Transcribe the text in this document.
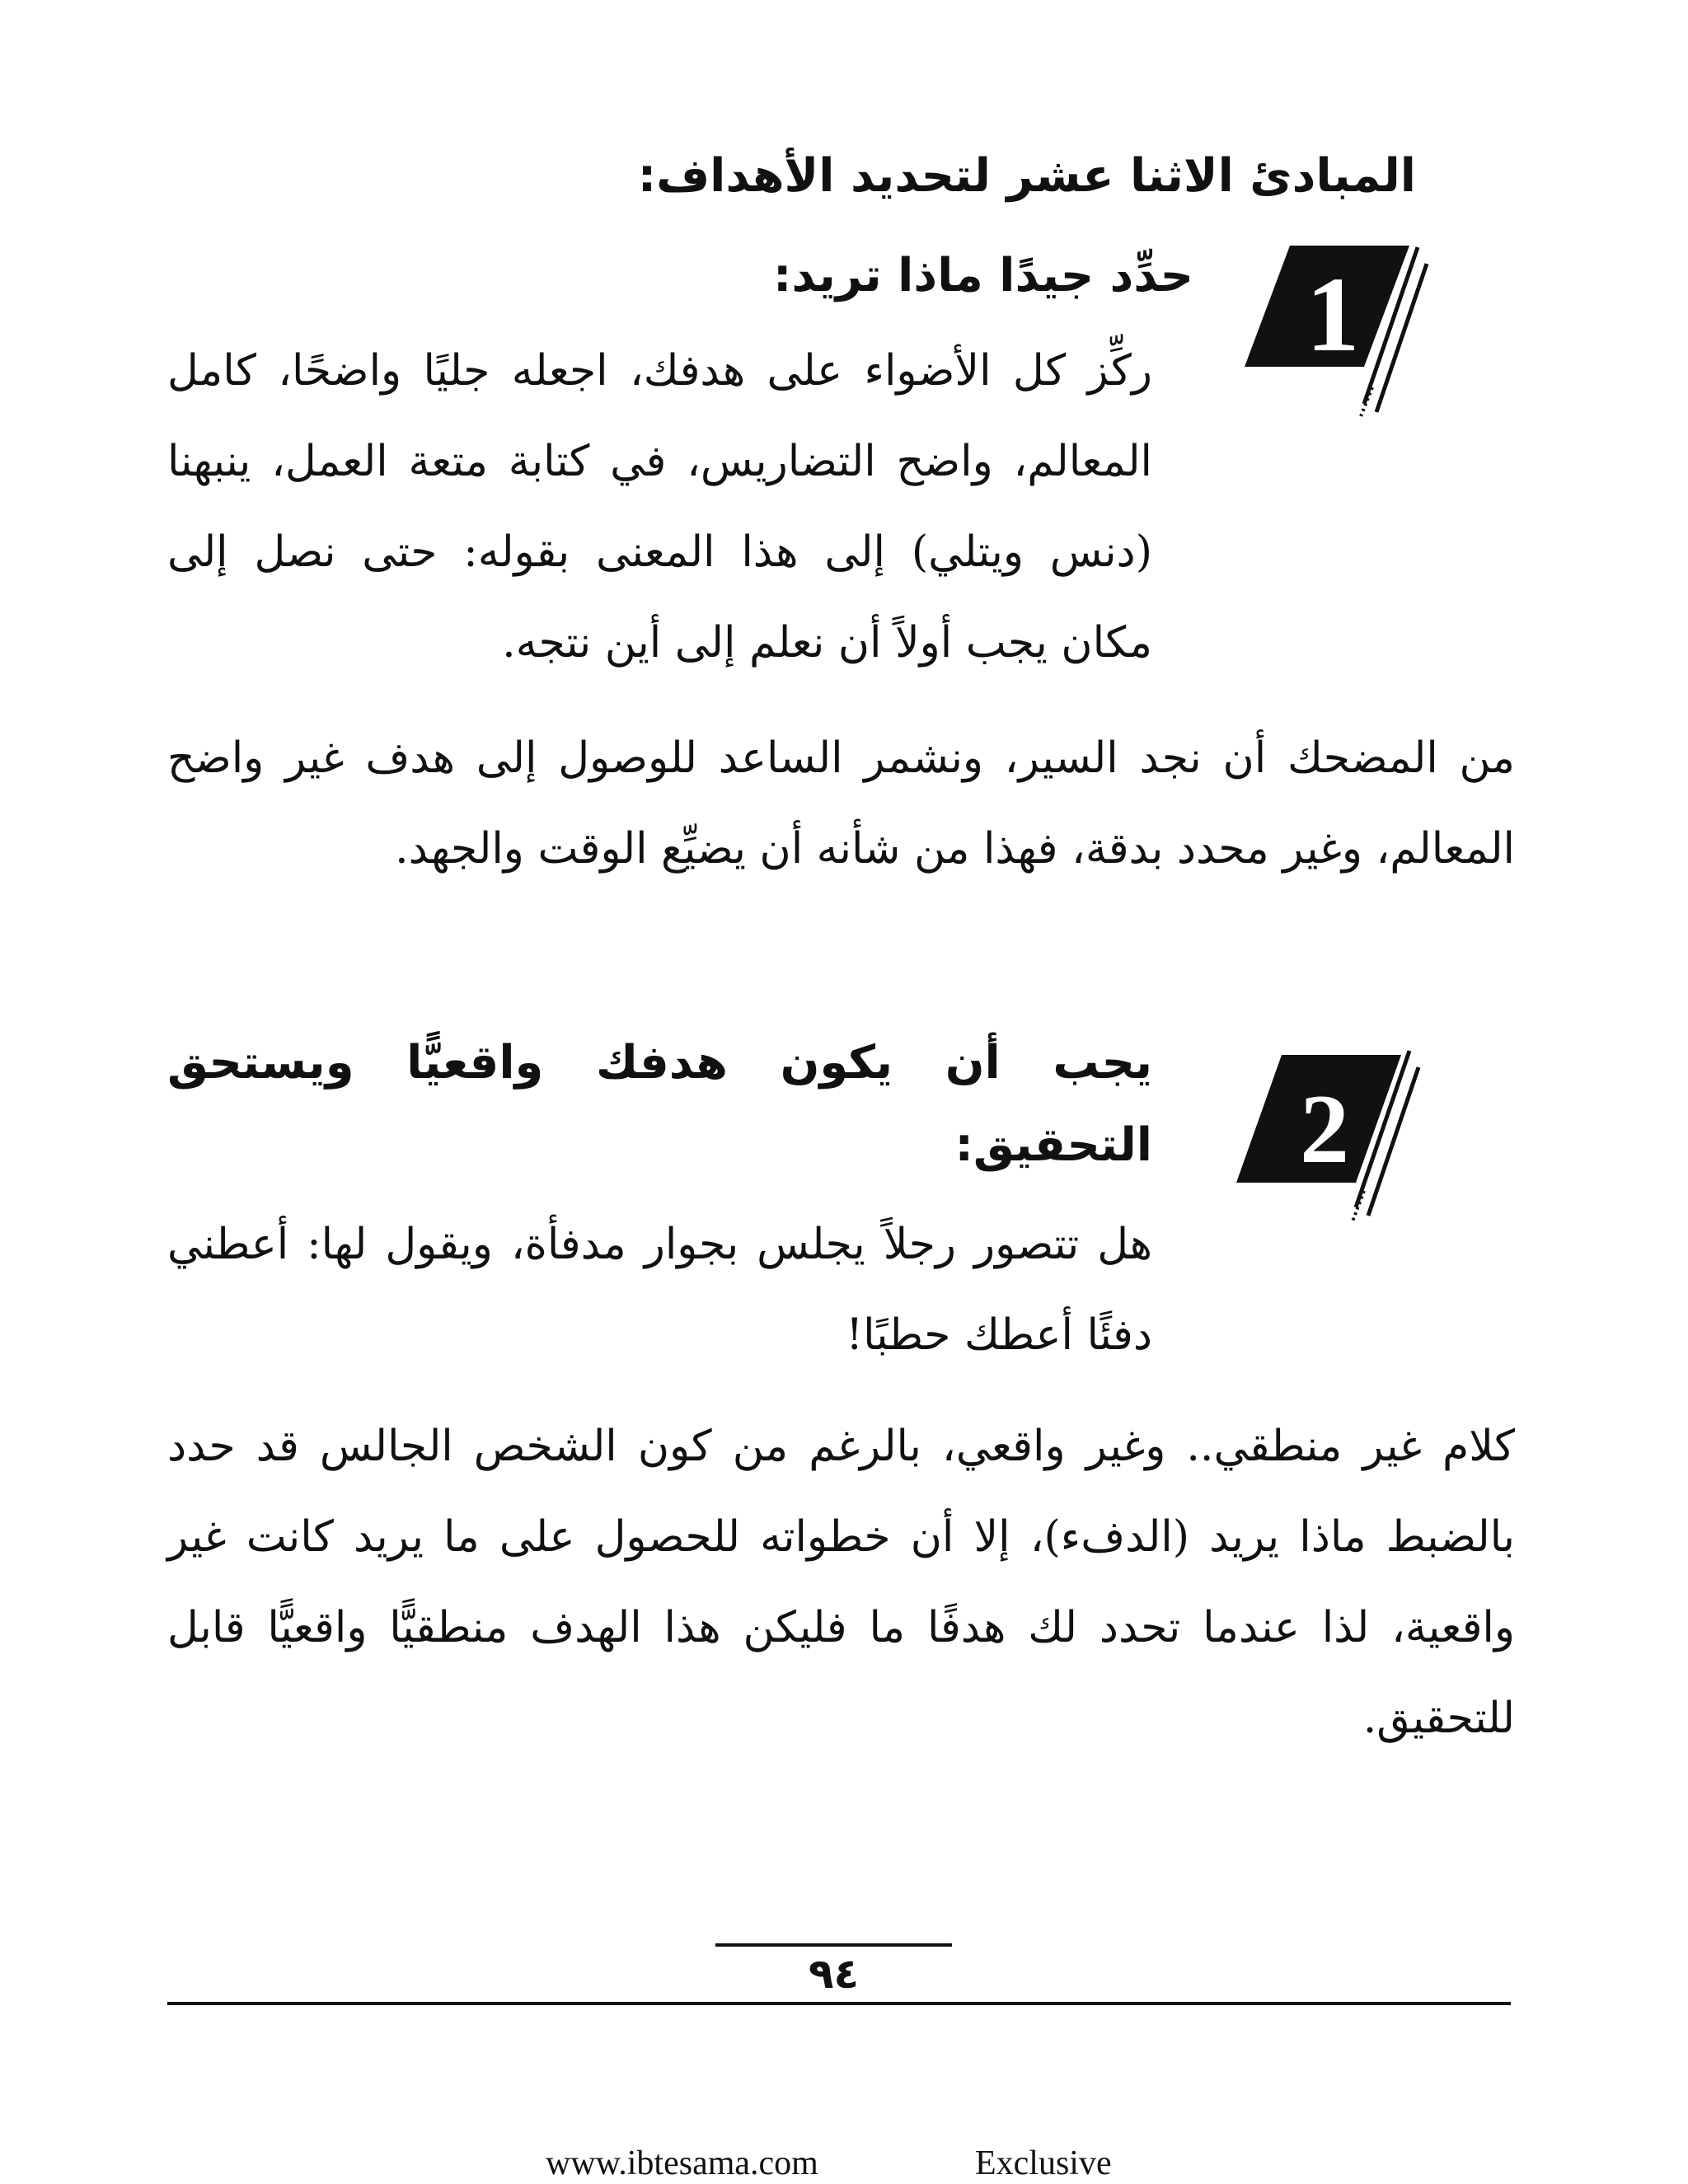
المبادئ الاثنا عشر لتحديد الأهداف:
1
حدِّد جيدًا ماذا تريد:
ركِّز كل الأضواء على هدفك، اجعله جليًا واضحًا، كامل المعالم، واضح التضاريس، في كتابة متعة العمل، ينبهنا (دنس ويتلي) إلى هذا المعنى بقوله: حتى نصل إلى مكان يجب أولاً أن نعلم إلى أين نتجه.
من المضحك أن نجد السير، ونشمر الساعد للوصول إلى هدف غير واضح المعالم، وغير محدد بدقة، فهذا من شأنه أن يضيِّع الوقت والجهد.
2
يجب أن يكون هدفك واقعيًّا ويستحق التحقيق:
هل تتصور رجلاً يجلس بجوار مدفأة، ويقول لها: أعطني دفئًا أعطك حطبًا!
كلام غير منطقي.. وغير واقعي، بالرغم من كون الشخص الجالس قد حدد بالضبط ماذا يريد (الدفء)، إلا أن خطواته للحصول على ما يريد كانت غير واقعية، لذا عندما تحدد لك هدفًا ما فليكن هذا الهدف منطقيًّا واقعيًّا قابل للتحقيق.
٩٤
www.ibtesama.com	Exclusive
